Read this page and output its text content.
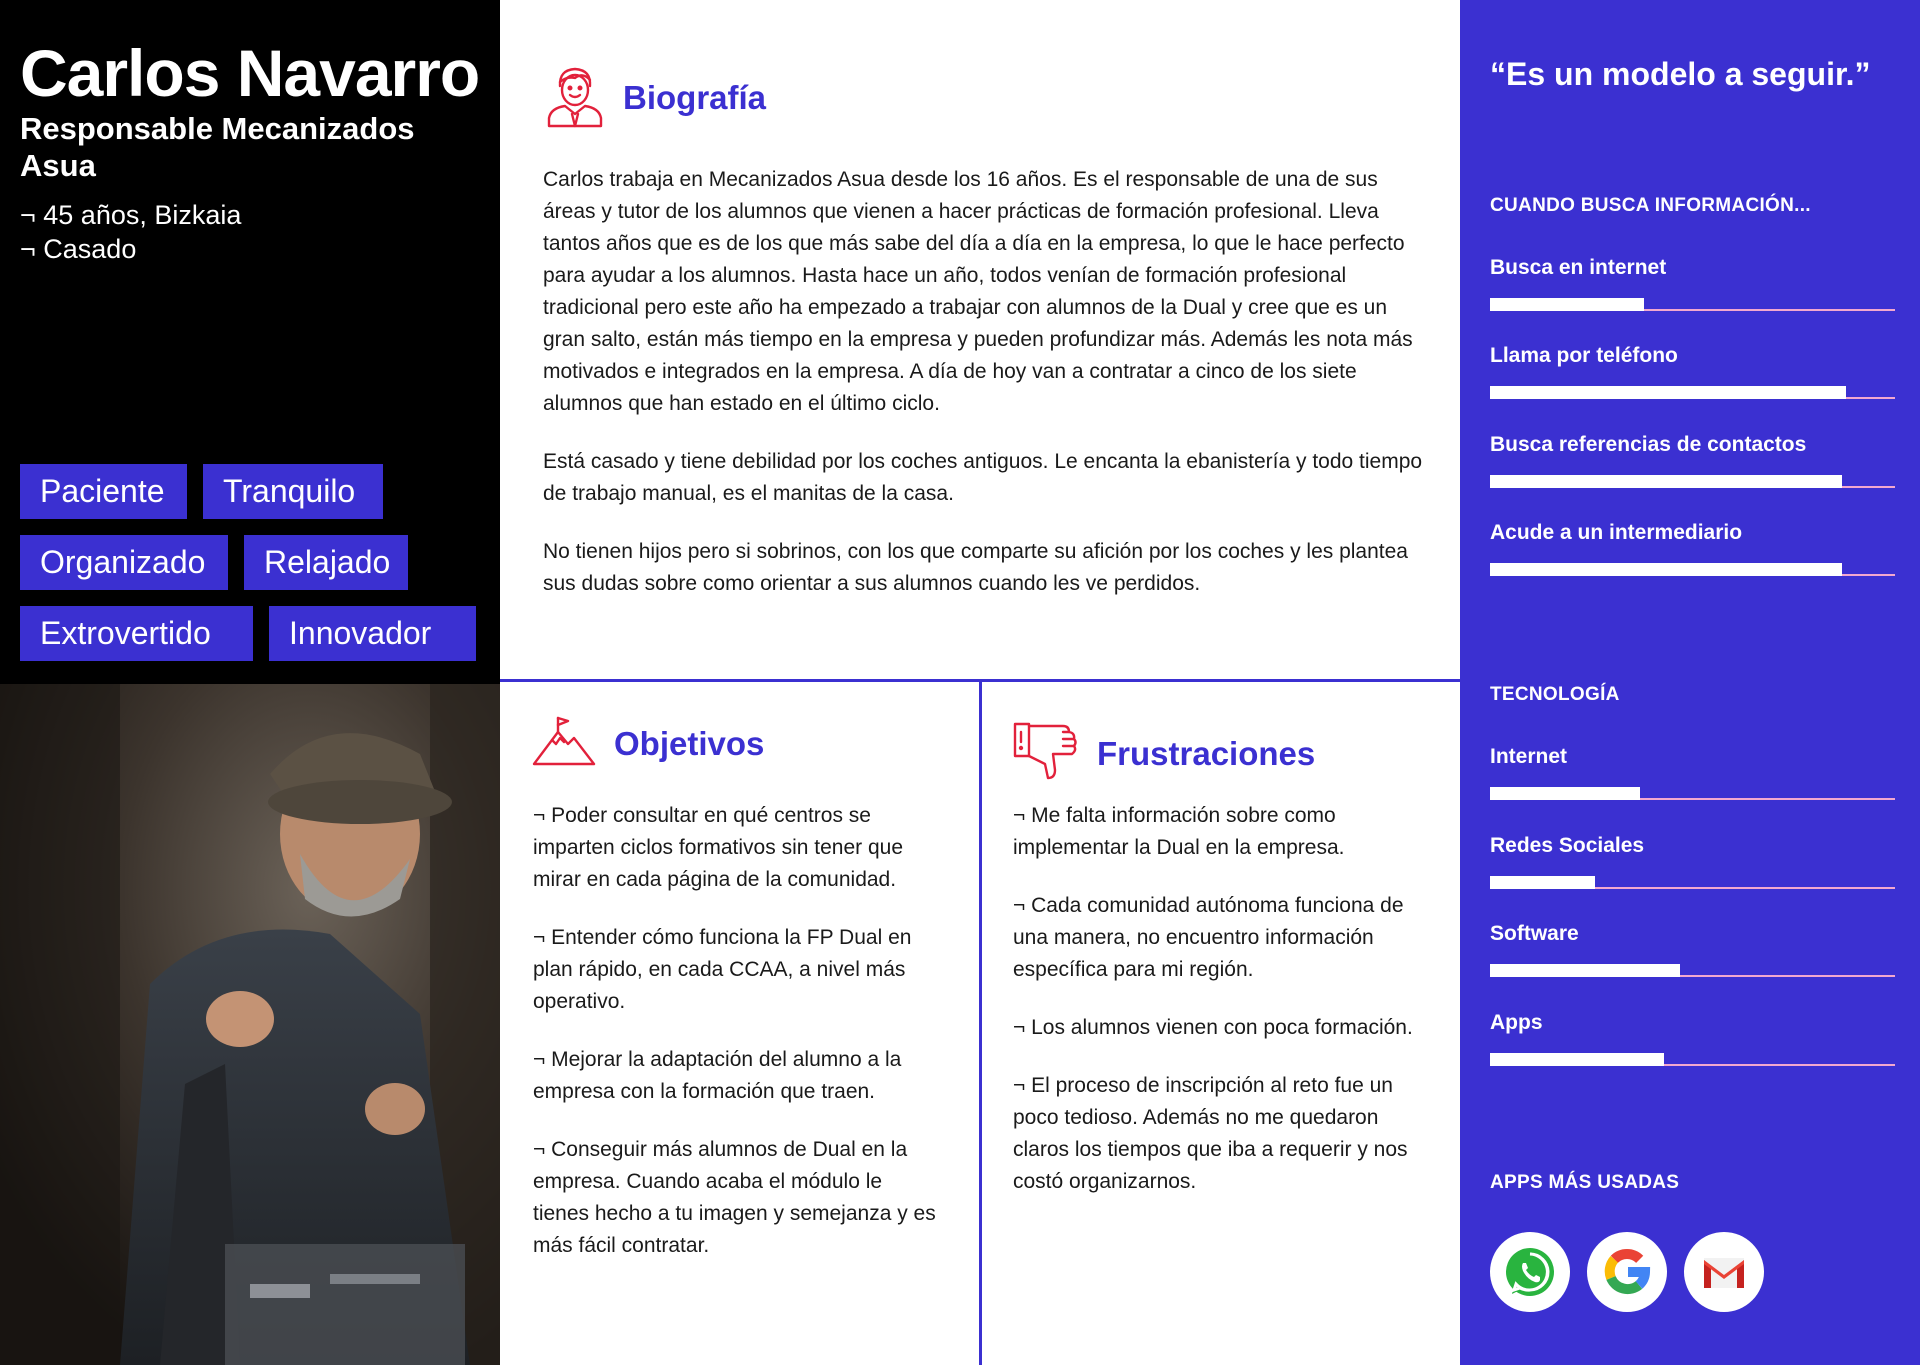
Carlos Navarro
Responsable Mecanizados Asua
¬ 45 años, Bizkaia
¬ Casado
Paciente	Tranquilo
Organizado	Relajado
Extrovertido	Innovador
Biografía

Carlos trabaja en Mecanizados Asua desde los 16 años. Es el responsable de una de sus áreas y tutor de los alumnos que vienen a hacer prácticas de formación profesional. Lleva tantos años que es de los que más sabe del día a día en la empresa, lo que le hace perfecto para ayudar a los alumnos. Hasta hace un año, todos venían de formación profesional tradicional pero este año ha empezado a trabajar con alumnos de la Dual y cree que es un gran salto, están más tiempo en la empresa y pueden profundizar más. Además les nota más motivados e integrados en la empresa. A día de hoy van a contratar a cinco de los siete alumnos que han estado en el último ciclo.

Está casado y tiene debilidad por los coches antiguos. Le encanta la ebanistería y todo tiempo de trabajo manual, es el manitas de la casa.

No tienen hijos pero si sobrinos, con los que comparte su afición por los coches y les plantea sus dudas sobre como orientar a sus alumnos cuando les ve perdidos.

Objetivos

¬ Poder consultar en qué centros se imparten ciclos formativos sin tener que mirar en cada página de la comunidad.

¬ Entender cómo funciona la FP Dual en plan rápido, en cada CCAA, a nivel más operativo.

¬ Mejorar la adaptación del alumno a la empresa con la formación que traen.

¬ Conseguir más alumnos de Dual en la empresa. Cuando acaba el módulo le tienes hecho a tu imagen y semejanza y es más fácil contratar.

Frustraciones

¬ Me falta información sobre como implementar la Dual en la empresa.

¬ Cada comunidad autónoma funciona de una manera, no encuentro información específica para mi región.

¬ Los alumnos vienen con poca formación.

¬ El proceso de inscripción al reto fue un poco tedioso. Además no me quedaron claros los tiempos que iba a requerir y nos costó organizarnos.

“Es un modelo a seguir.”
CUANDO BUSCA INFORMACIÓN...
Busca en internet
Llama por teléfono
Busca referencias de contactos
Acude a un intermediario
TECNOLOGÍA
Internet
Redes Sociales
Software
Apps
APPS MÁS USADAS
